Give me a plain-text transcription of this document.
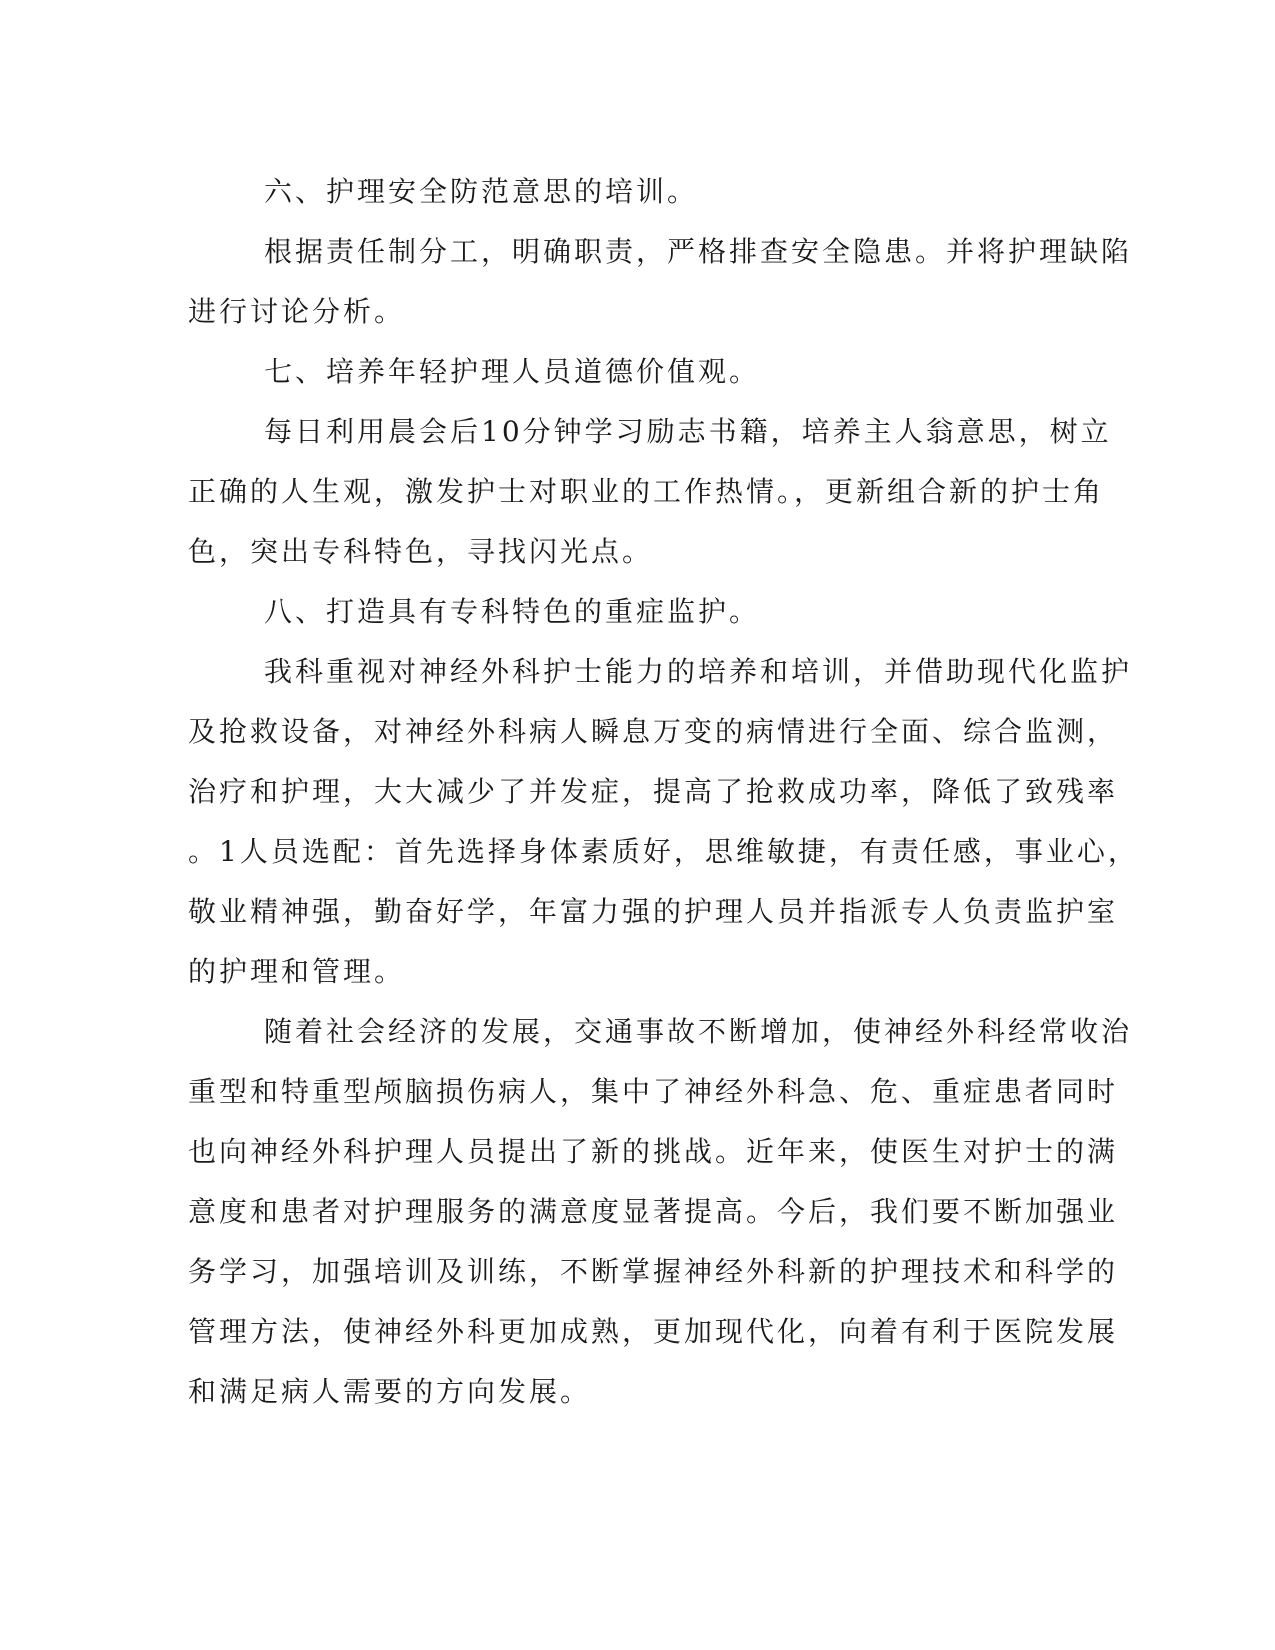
六、护理安全防范意思的培训。
根据责任制分工，明确职责，严格排查安全隐患。并将护理缺陷
进行讨论分析。
七、培养年轻护理人员道德价值观。
每日利用晨会后10分钟学习励志书籍，培养主人翁意思，树立
正确的人生观，激发护士对职业的工作热情。，更新组合新的护士角
色，突出专科特色，寻找闪光点。
八、打造具有专科特色的重症监护。
我科重视对神经外科护士能力的培养和培训，并借助现代化监护
及抢救设备，对神经外科病人瞬息万变的病情进行全面、综合监测，
治疗和护理，大大减少了并发症，提高了抢救成功率，降低了致残率
。1人员选配：首先选择身体素质好，思维敏捷，有责任感，事业心，
敬业精神强，勤奋好学，年富力强的护理人员并指派专人负责监护室
的护理和管理。
随着社会经济的发展，交通事故不断增加，使神经外科经常收治
重型和特重型颅脑损伤病人，集中了神经外科急、危、重症患者同时
也向神经外科护理人员提出了新的挑战。近年来，使医生对护士的满
意度和患者对护理服务的满意度显著提高。今后，我们要不断加强业
务学习，加强培训及训练，不断掌握神经外科新的护理技术和科学的
管理方法，使神经外科更加成熟，更加现代化，向着有利于医院发展
和满足病人需要的方向发展。
